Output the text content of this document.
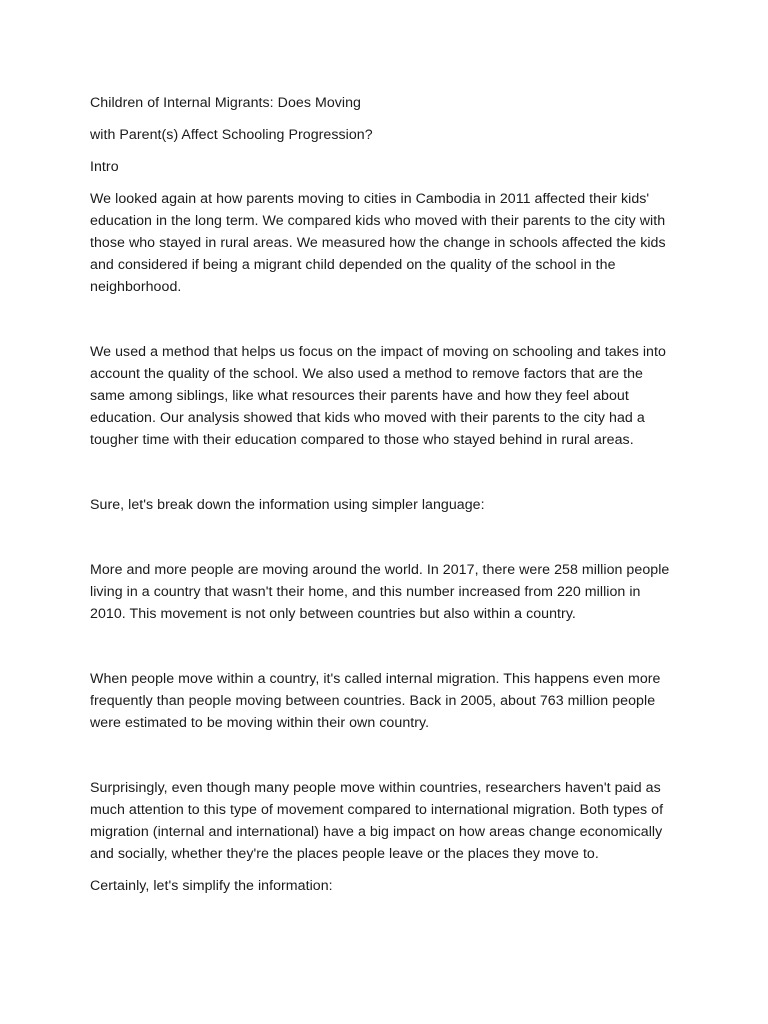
Children of Internal Migrants: Does Moving

with Parent(s) Affect Schooling Progression?

Intro

We looked again at how parents moving to cities in Cambodia in 2011 affected their kids' education in the long term. We compared kids who moved with their parents to the city with those who stayed in rural areas. We measured how the change in schools affected the kids and considered if being a migrant child depended on the quality of the school in the neighborhood.

We used a method that helps us focus on the impact of moving on schooling and takes into account the quality of the school. We also used a method to remove factors that are the same among siblings, like what resources their parents have and how they feel about education. Our analysis showed that kids who moved with their parents to the city had a tougher time with their education compared to those who stayed behind in rural areas.

Sure, let's break down the information using simpler language:

More and more people are moving around the world. In 2017, there were 258 million people living in a country that wasn't their home, and this number increased from 220 million in 2010. This movement is not only between countries but also within a country.

When people move within a country, it's called internal migration. This happens even more frequently than people moving between countries. Back in 2005, about 763 million people were estimated to be moving within their own country.

Surprisingly, even though many people move within countries, researchers haven't paid as much attention to this type of movement compared to international migration. Both types of migration (internal and international) have a big impact on how areas change economically and socially, whether they're the places people leave or the places they move to.

Certainly, let's simplify the information:
